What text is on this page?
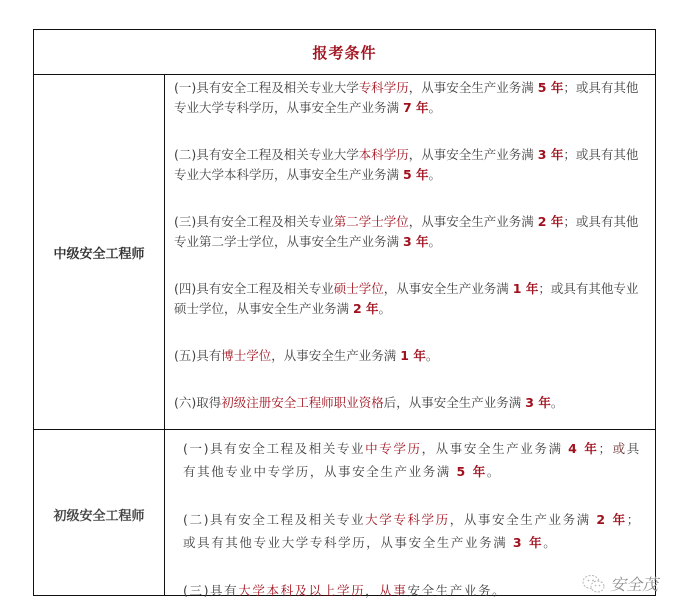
报考条件
中级安全工程师

(一)具有安全工程及相关专业大学专科学历，从事安全生产业务满 5 年；或具有其他专业大学专科学历，从事安全生产业务满 7 年。

(二)具有安全工程及相关专业大学本科学历，从事安全生产业务满 3 年；或具有其他专业大学本科学历，从事安全生产业务满 5 年。

(三)具有安全工程及相关专业第二学士学位，从事安全生产业务满 2 年；或具有其他专业第二学士学位，从事安全生产业务满 3 年。

(四)具有安全工程及相关专业硕士学位，从事安全生产业务满 1 年；或具有其他专业硕士学位，从事安全生产业务满 2 年。

(五)具有博士学位，从事安全生产业务满 1 年。

(六)取得初级注册安全工程师职业资格后，从事安全生产业务满 3 年。

初级安全工程师

(一)具有安全工程及相关专业中专学历，从事安全生产业务满 4 年；或具有其他专业中专学历，从事安全生产业务满 5 年。

(二)具有安全工程及相关专业大学专科学历，从事安全生产业务满 2 年；或具有其他专业大学专科学历，从事安全生产业务满 3 年。

(三)具有大学本科及以上学历，从事安全生产业务。	安全茂
